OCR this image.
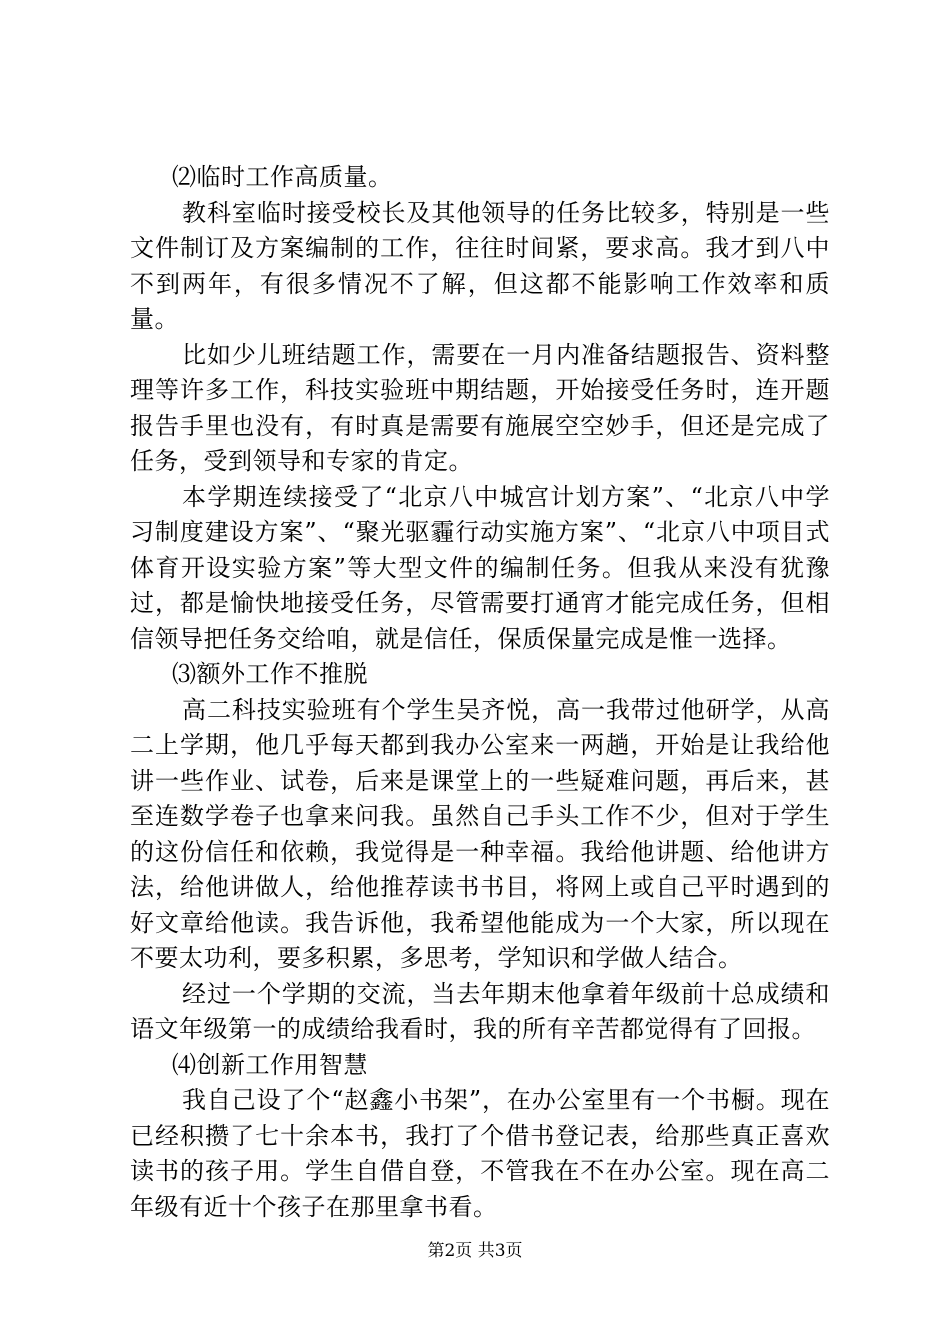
⑵临时工作高质量。

教科室临时接受校长及其他领导的任务比较多，特别是一些文件制订及方案编制的工作，往往时间紧，要求高。我才到八中不到两年，有很多情况不了解，但这都不能影响工作效率和质量。

比如少儿班结题工作，需要在一月内准备结题报告、资料整理等许多工作，科技实验班中期结题，开始接受任务时，连开题报告手里也没有，有时真是需要有施展空空妙手，但还是完成了任务，受到领导和专家的肯定。

本学期连续接受了“北京八中城宫计划方案”、“北京八中学习制度建设方案”、“聚光驱霾行动实施方案”、“北京八中项目式体育开设实验方案”等大型文件的编制任务。但我从来没有犹豫过，都是愉快地接受任务，尽管需要打通宵才能完成任务，但相信领导把任务交给咱，就是信任，保质保量完成是惟一选择。

⑶额外工作不推脱

高二科技实验班有个学生吴齐悦，高一我带过他研学，从高二上学期，他几乎每天都到我办公室来一两趟，开始是让我给他讲一些作业、试卷，后来是课堂上的一些疑难问题，再后来，甚至连数学卷子也拿来问我。虽然自己手头工作不少，但对于学生的这份信任和依赖，我觉得是一种幸福。我给他讲题、给他讲方法，给他讲做人，给他推荐读书书目，将网上或自己平时遇到的好文章给他读。我告诉他，我希望他能成为一个大家，所以现在不要太功利，要多积累，多思考，学知识和学做人结合。

经过一个学期的交流，当去年期末他拿着年级前十总成绩和语文年级第一的成绩给我看时，我的所有辛苦都觉得有了回报。

⑷创新工作用智慧

我自己设了个“赵鑫小书架”，在办公室里有一个书橱。现在已经积攒了七十余本书，我打了个借书登记表，给那些真正喜欢读书的孩子用。学生自借自登，不管我在不在办公室。现在高二年级有近十个孩子在那里拿书看。

第2页 共3页
